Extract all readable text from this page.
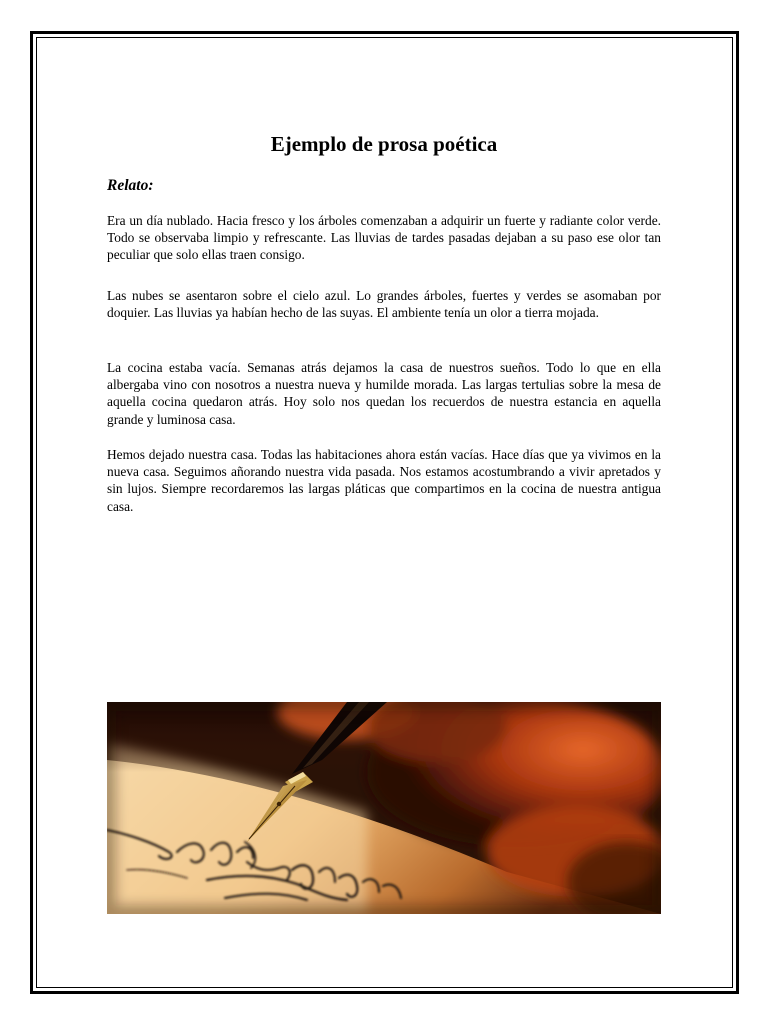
Ejemplo de prosa poética

Relato:

Era un día nublado. Hacia fresco y los árboles comenzaban a adquirir un fuerte y radiante color verde. Todo se observaba limpio y refrescante. Las lluvias de tardes pasadas dejaban a su paso ese olor tan peculiar que solo ellas traen consigo.

Las nubes se asentaron sobre el cielo azul. Lo grandes árboles, fuertes y verdes se asomaban por doquier. Las lluvias ya habían hecho de las suyas. El ambiente tenía un olor a tierra mojada.

La cocina estaba vacía. Semanas atrás dejamos la casa de nuestros sueños. Todo lo que en ella albergaba vino con nosotros a nuestra nueva y humilde morada. Las largas tertulias sobre la mesa de aquella cocina quedaron atrás. Hoy solo nos quedan los recuerdos de nuestra estancia en aquella grande y luminosa casa.

Hemos dejado nuestra casa. Todas las habitaciones ahora están vacías. Hace días que ya vivimos en la nueva casa. Seguimos añorando nuestra vida pasada. Nos estamos acostumbrando a vivir apretados y sin lujos. Siempre recordaremos las largas pláticas que compartimos en la cocina de nuestra antigua casa.
